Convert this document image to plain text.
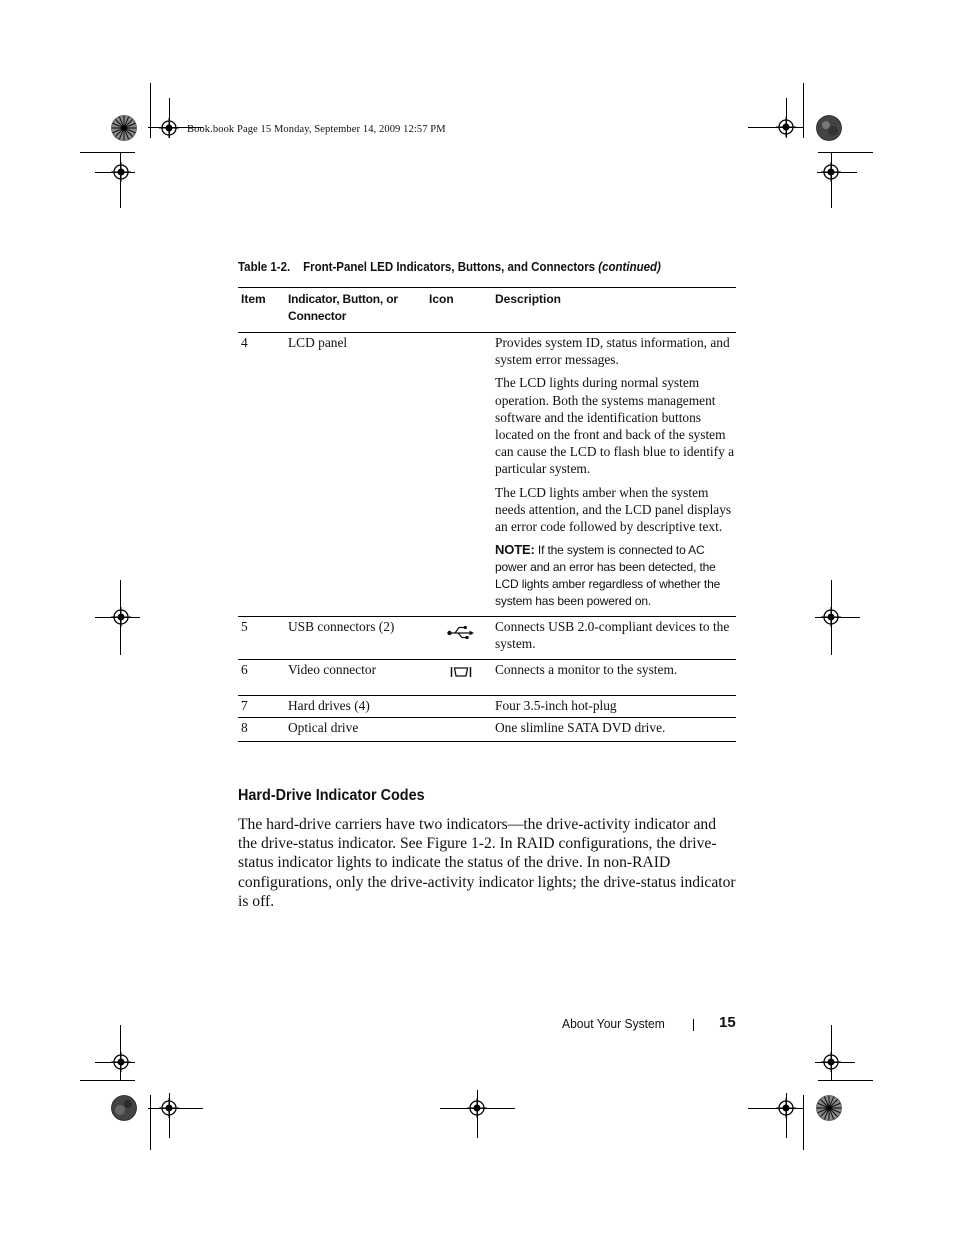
Book.book Page 15 Monday, September 14, 2009 12:57 PM
Table 1-2. Front-Panel LED Indicators, Buttons, and Connectors (continued)
Item	Indicator, Button, or Connector	Icon	Description
4	LCD panel		Provides system ID, status information, and system error messages.

The LCD lights during normal system operation. Both the systems management software and the identification buttons located on the front and back of the system can cause the LCD to flash blue to identify a particular system.

The LCD lights amber when the system needs attention, and the LCD panel displays an error code followed by descriptive text.

NOTE: If the system is connected to AC power and an error has been detected, the LCD lights amber regardless of whether the system has been powered on.

5	USB connectors (2)		Connects USB 2.0-compliant devices to the system.
6	Video connector		Connects a monitor to the system.
7	Hard drives (4)		Four 3.5-inch hot-plug
8	Optical drive		One slimline SATA DVD drive.
Hard-Drive Indicator Codes

The hard-drive carriers have two indicators—the drive-activity indicator and the drive-status indicator. See Figure 1-2. In RAID configurations, the drive-status indicator lights to indicate the status of the drive. In non-RAID configurations, only the drive-activity indicator lights; the drive-status indicator is off.

About Your System	15
